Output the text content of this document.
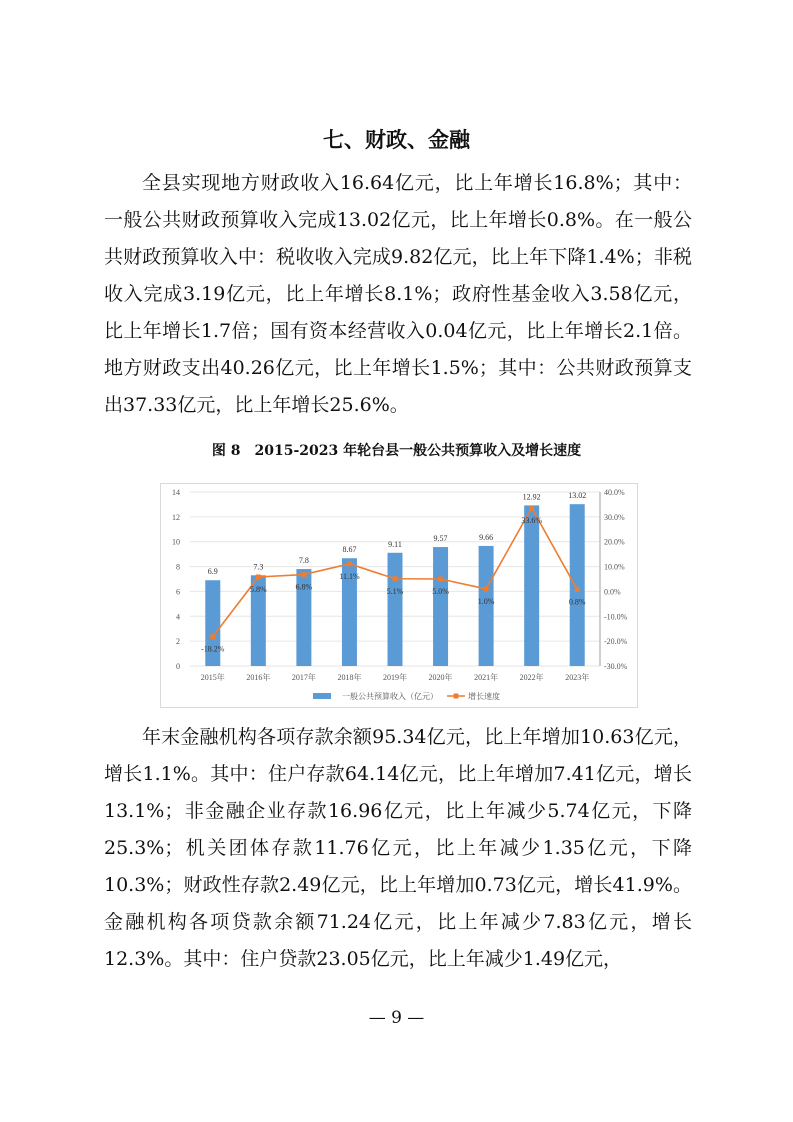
七、财政、金融

全县实现地方财政收入16.64亿元，比上年增长16.8%；其中：一般公共财政预算收入完成13.02亿元，比上年增长0.8%。在一般公共财政预算收入中：税收收入完成9.82亿元，比上年下降1.4%；非税收入完成3.19亿元，比上年增长8.1%；政府性基金收入3.58亿元，比上年增长1.7倍；国有资本经营收入0.04亿元，比上年增长2.1倍。地方财政支出40.26亿元，比上年增长1.5%；其中：公共财政预算支出37.33亿元，比上年增长25.6%。

图 8　2015-2023 年轮台县一般公共预算收入及增长速度
0
2
4
6
8
10
12
14
-30.0%
-20.0%
-10.0%
0.0%
10.0%
20.0%
30.0%
40.0%
6.9
2015年
7.3
2016年
7.8
2017年
8.67
2018年
9.11
2019年
9.57
2020年
9.66
2021年
12.92
2022年
13.02
2023年
-18.2%
5.8%	6.8%
11.1%
5.1%	5.0%
1.0%
33.6%
0.8%
一般公共预算收入（亿元）	增长速度

年末金融机构各项存款余额95.34亿元，比上年增加10.63亿元，增长1.1%。其中：住户存款64.14亿元，比上年增加7.41亿元，增长13.1%；非金融企业存款16.96亿元，比上年减少5.74亿元，下降25.3%；机关团体存款11.76亿元，比上年减少1.35亿元，下降10.3%；财政性存款2.49亿元，比上年增加0.73亿元，增长41.9%。金融机构各项贷款余额71.24亿元，比上年减少7.83亿元，增长12.3%。其中：住户贷款23.05亿元，比上年减少1.49亿元，

— 9 —
